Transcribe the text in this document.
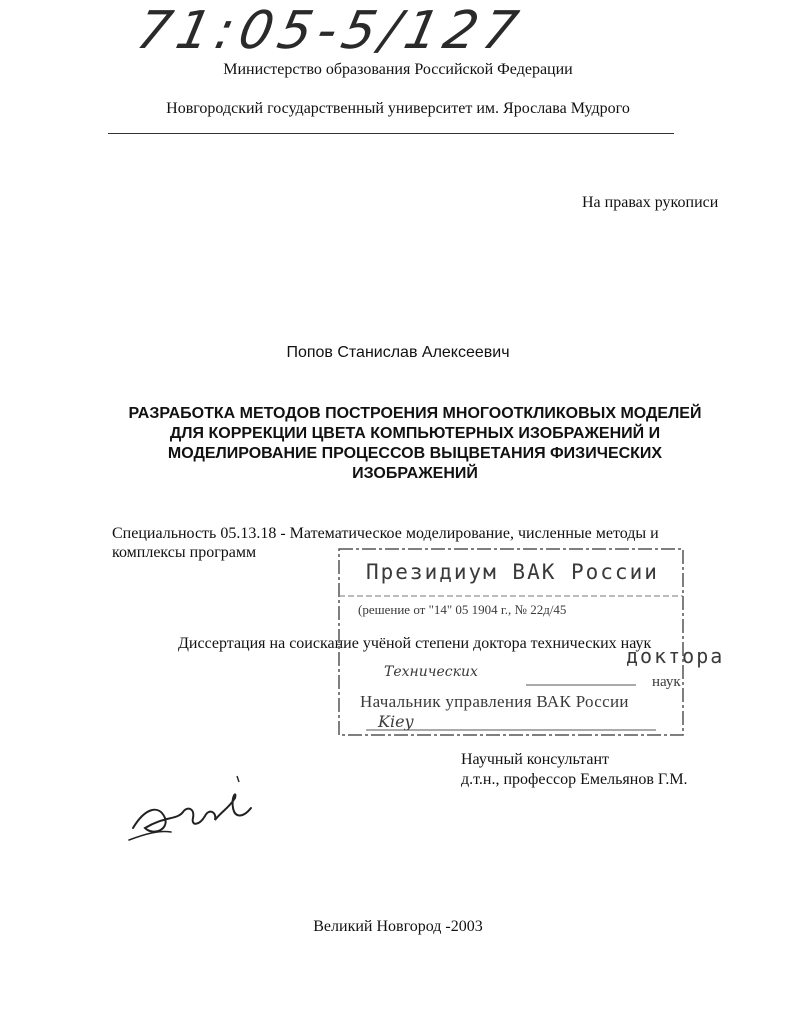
71:05-5/127
Министерство образования Российской Федерации
Новгородский государственный университет им. Ярослава Мудрого
На правах рукописи
Попов Станислав Алексеевич
РАЗРАБОТКА МЕТОДОВ ПОСТРОЕНИЯ МНОГООТКЛИКОВЫХ МОДЕЛЕЙ
ДЛЯ КОРРЕКЦИИ ЦВЕТА КОМПЬЮТЕРНЫХ ИЗОБРАЖЕНИЙ И
МОДЕЛИРОВАНИЕ ПРОЦЕССОВ ВЫЦВЕТАНИЯ ФИЗИЧЕСКИХ
ИЗОБРАЖЕНИЙ
Специальность 05.13.18 - Математическое моделирование, численные методы и комплексы программ
Диссертация на соискание учёной степени доктора технических наук
Президиум ВАК России
(решение от "14" 05 1904 г., № 22д/45
доктора
Технических
наук
Начальник управления ВАК России
Kiey
Научный консультант
д.т.н., профессор Емельянов Г.М.
Великий Новгород -2003
